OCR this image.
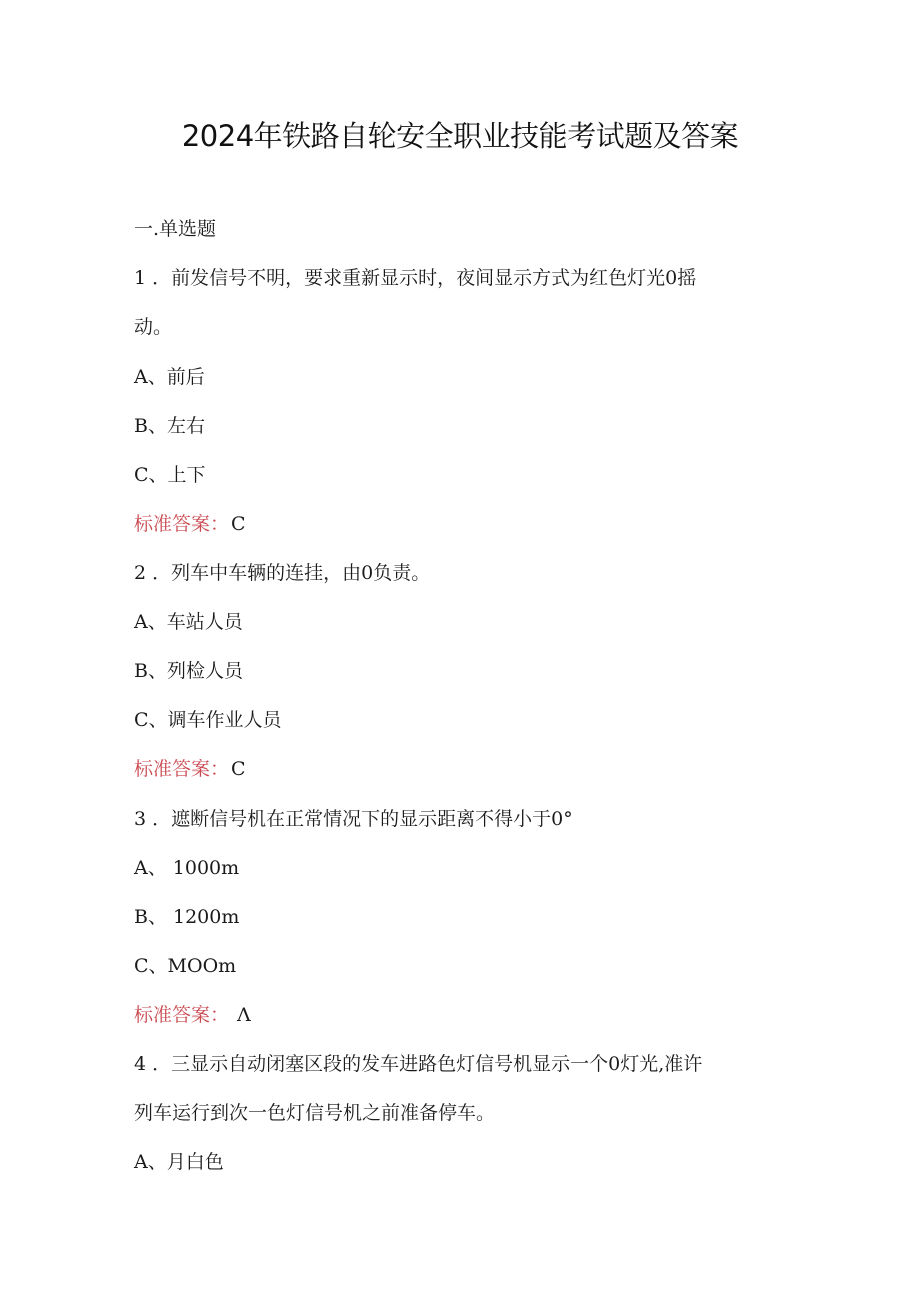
2024年铁路自轮安全职业技能考试题及答案
一.单选题
1 ．前发信号不明，要求重新显示时，夜间显示方式为红色灯光0摇
动。
A、前后
B、左右
C、上下
标准答案： C
2 ．列车中车辆的连挂，由0负责。
A、车站人员
B、列检人员
C、调车作业人员
标准答案： C
3 ．遮断信号机在正常情况下的显示距离不得小于0°
A、 1000m
B、 1200m
C、MOOm
标准答案： Λ
4 ．三显示自动闭塞区段的发车进路色灯信号机显示一个0灯光,准许
列车运行到次一色灯信号机之前准备停车。
A、月白色
